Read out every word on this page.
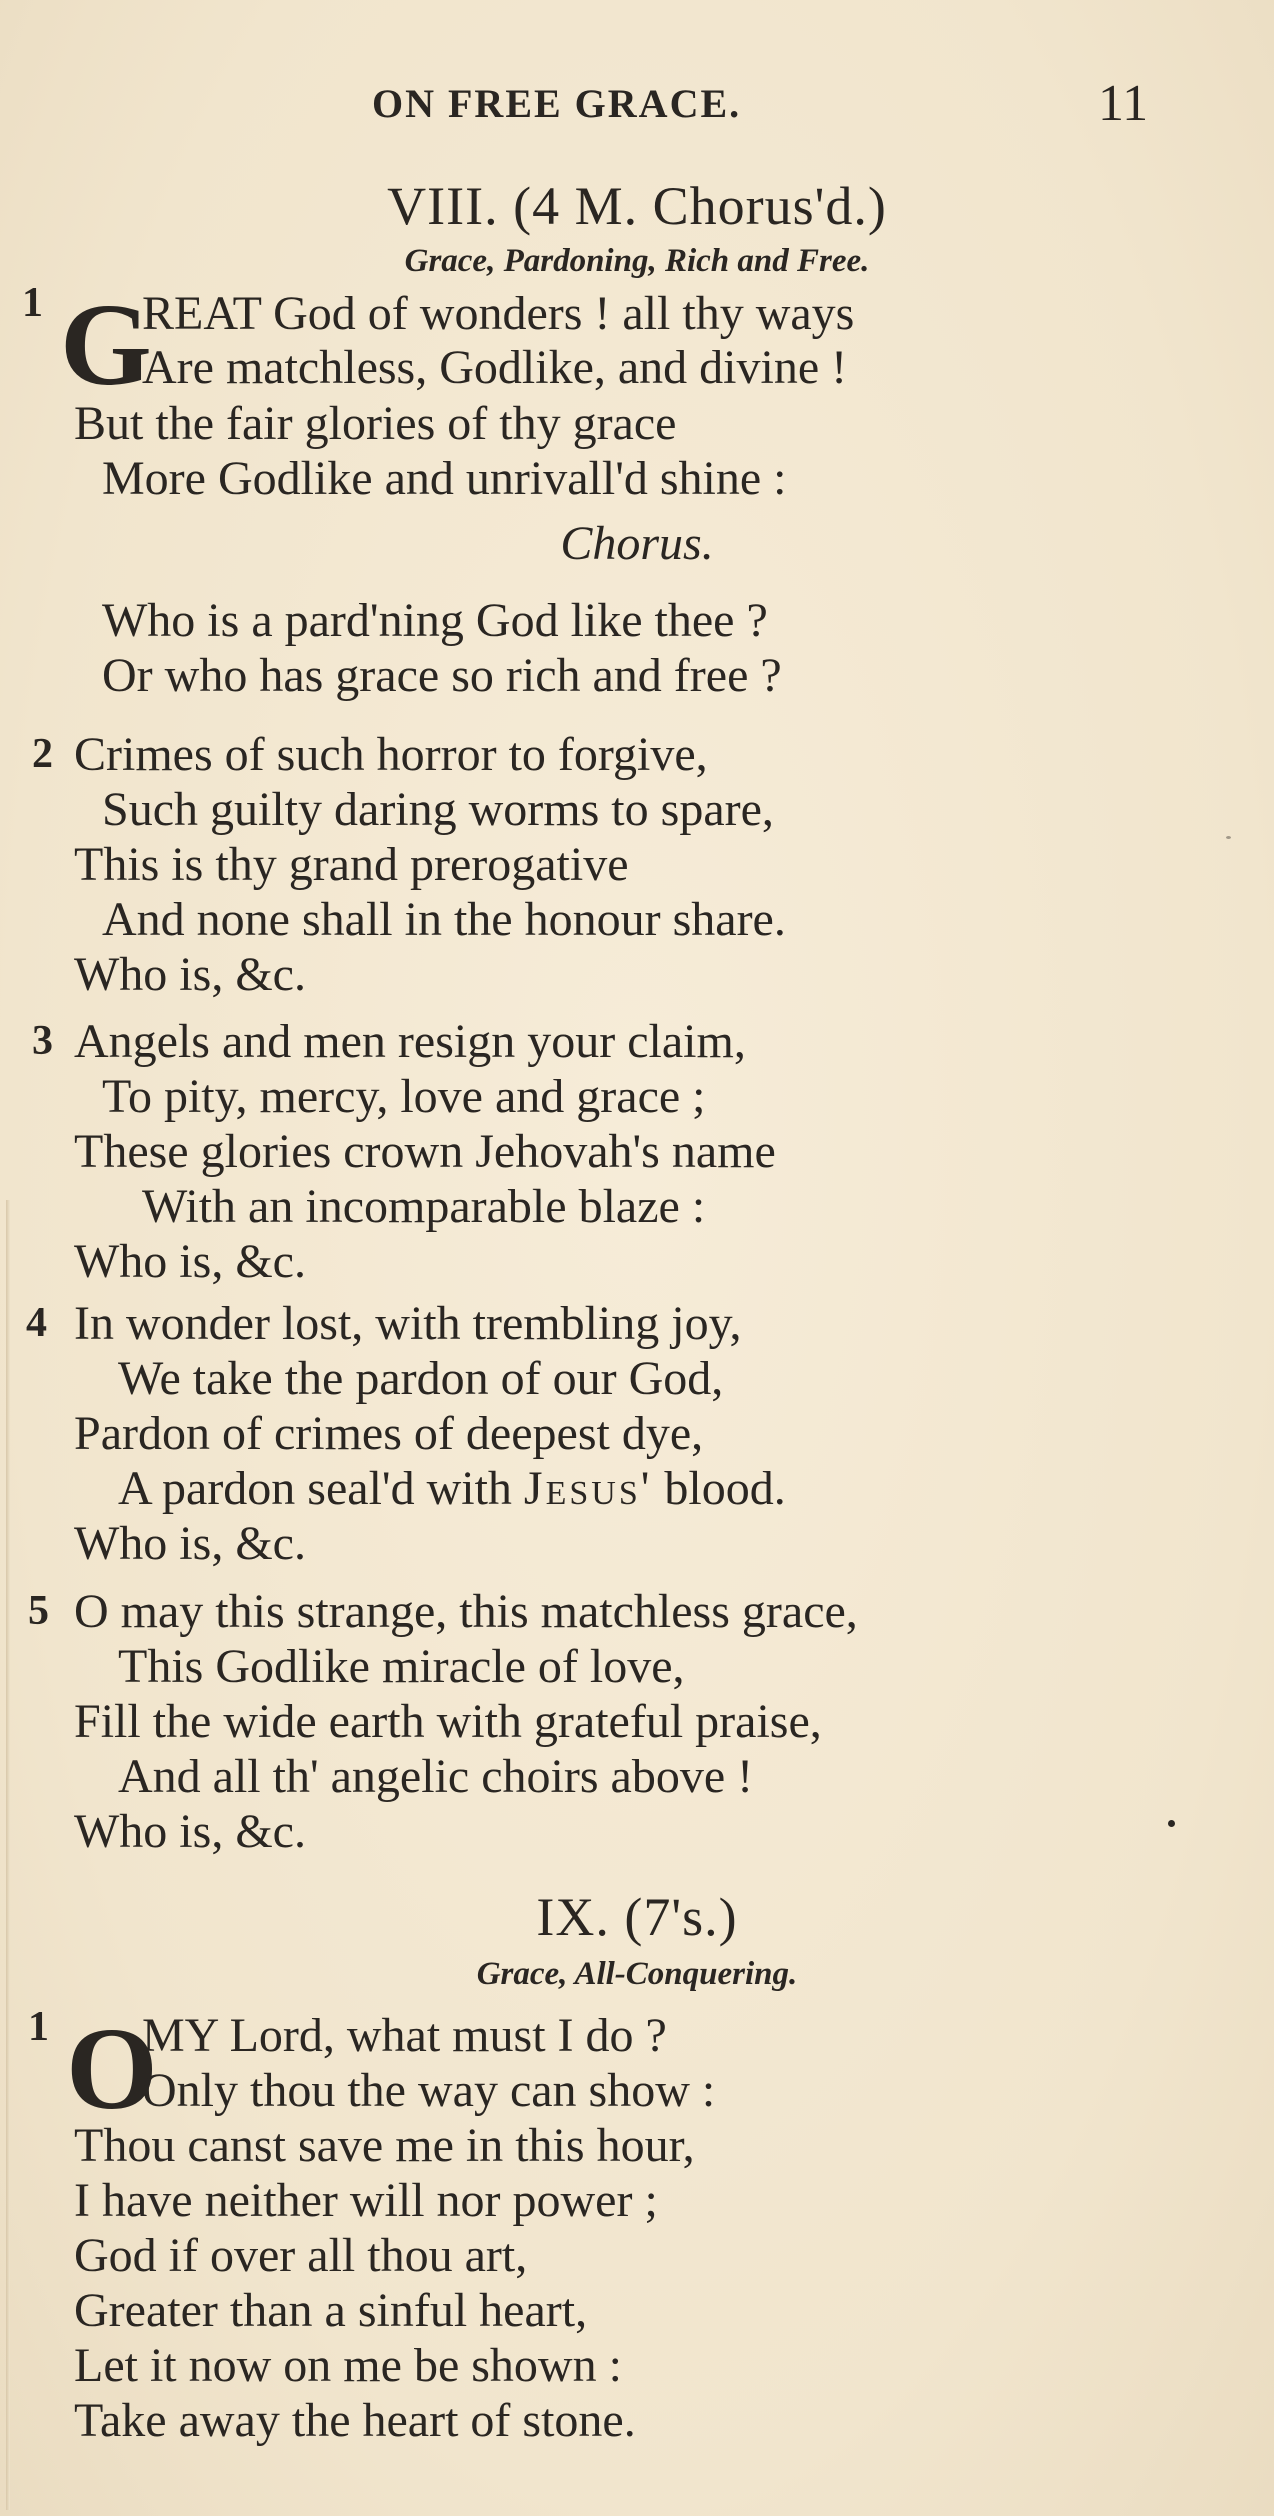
ON FREE GRACE.	11
VIII. (4 M. Chorus'd.)
Grace, Pardoning, Rich and Free.
1 G
REAT God of wonders ! all thy ways
Are matchless, Godlike, and divine !
But the fair glories of thy grace
More Godlike and unrivall'd shine :
Chorus.
Who is a pard'ning God like thee ?
Or who has grace so rich and free ?
2 Crimes of such horror to forgive,
Such guilty daring worms to spare,
This is thy grand prerogative
And none shall in the honour share.
Who is, &c.
3 Angels and men resign your claim,
To pity, mercy, love and grace ;
These glories crown Jehovah's name
With an incomparable blaze :
Who is, &c.
4 In wonder lost, with trembling joy,
We take the pardon of our God,
Pardon of crimes of deepest dye,
A pardon seal'd with Jesus' blood.
Who is, &c.
5 O may this strange, this matchless grace,
This Godlike miracle of love,
Fill the wide earth with grateful praise,
And all th' angelic choirs above !
Who is, &c.
IX. (7's.)
Grace, All-Conquering.
1 O
MY Lord, what must I do ?
Only thou the way can show :
Thou canst save me in this hour,
I have neither will nor power ;
God if over all thou art,
Greater than a sinful heart,
Let it now on me be shown :
Take away the heart of stone.
